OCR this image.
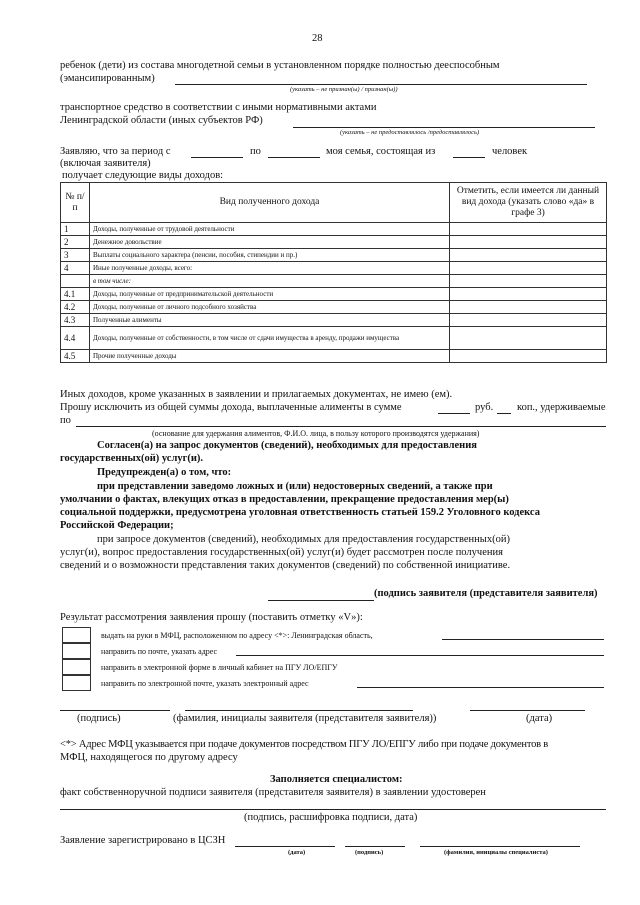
28
ребенок (дети) из состава многодетной семьи в установленном порядке полностью дееспособным
(эмансипированным)
(указать – не признан(ы) / признан(ы))
транспортное средство в соответствии с иными нормативными актами
Ленинградской области (иных субъектов РФ)
(указать – не предоставлялось /предоставлялось)
Заявляю, что за период с	по	моя семья, состоящая из	человек
(включая заявителя)
получает следующие виды доходов:
№ п/п	Вид полученного дохода	Отметить, если имеется ли данный вид дохода (указать слово «да» в графе 3)
1	Доходы, полученные от трудовой деятельности	
2	Денежное довольствие	
3	Выплаты социального характера (пенсии, пособия, стипендии и пр.)	
4	Иные полученные доходы, всего:	
	в том числе:	
4.1	Доходы, полученные от предпринимательской деятельности	
4.2	Доходы, полученные от личного подсобного хозяйства	
4.3	Полученные алименты	
4.4	Доходы, полученные от собственности, в том числе от сдачи имущества в аренду, продажи имущества	
4.5	Прочие полученные доходы	
Иных доходов, кроме указанных в заявлении и прилагаемых документах, не имею (ем).
Прошу исключить из общей суммы дохода, выплаченные алименты в сумме	руб. коп., удерживаемые
по
(основание для удержания алиментов, Ф.И.О. лица, в пользу которого производятся удержания)
Согласен(а) на запрос документов (сведений), необходимых для предоставления
государственных(ой) услуг(и).
Предупрежден(а) о том, что:
при представлении заведомо ложных и (или) недостоверных сведений, а также при
умолчании о фактах, влекущих отказ в предоставлении, прекращение предоставления мер(ы)
социальной поддержки, предусмотрена уголовная ответственность статьей 159.2 Уголовного кодекса
Российской Федерации;
при запросе документов (сведений), необходимых для предоставления государственных(ой)
услуг(и), вопрос предоставления государственных(ой) услуг(и) будет рассмотрен после получения
сведений и о возможности представления таких документов (сведений) по собственной инициативе.
(подпись заявителя (представителя заявителя)
Результат рассмотрения заявления прошу (поставить отметку «V»):
выдать на руки в МФЦ, расположенном по адресу <*>: Ленинградская область,
направить по почте, указать адрес
направить в электронной форме в личный кабинет на ПГУ ЛО/ЕПГУ
направить по электронной почте, указать электронный адрес
(подпись)	(фамилия, инициалы заявителя (представителя заявителя))	(дата)
<*> Адрес МФЦ указывается при подаче документов посредством ПГУ ЛО/ЕПГУ либо при подаче документов в
МФЦ, находящегося по другому адресу
Заполняется специалистом:
факт собственноручной подписи заявителя (представителя заявителя) в заявлении удостоверен
(подпись, расшифровка подписи, дата)
Заявление зарегистрировано в ЦСЗН
(дата)	(подпись)	(фамилия, инициалы специалиста)
